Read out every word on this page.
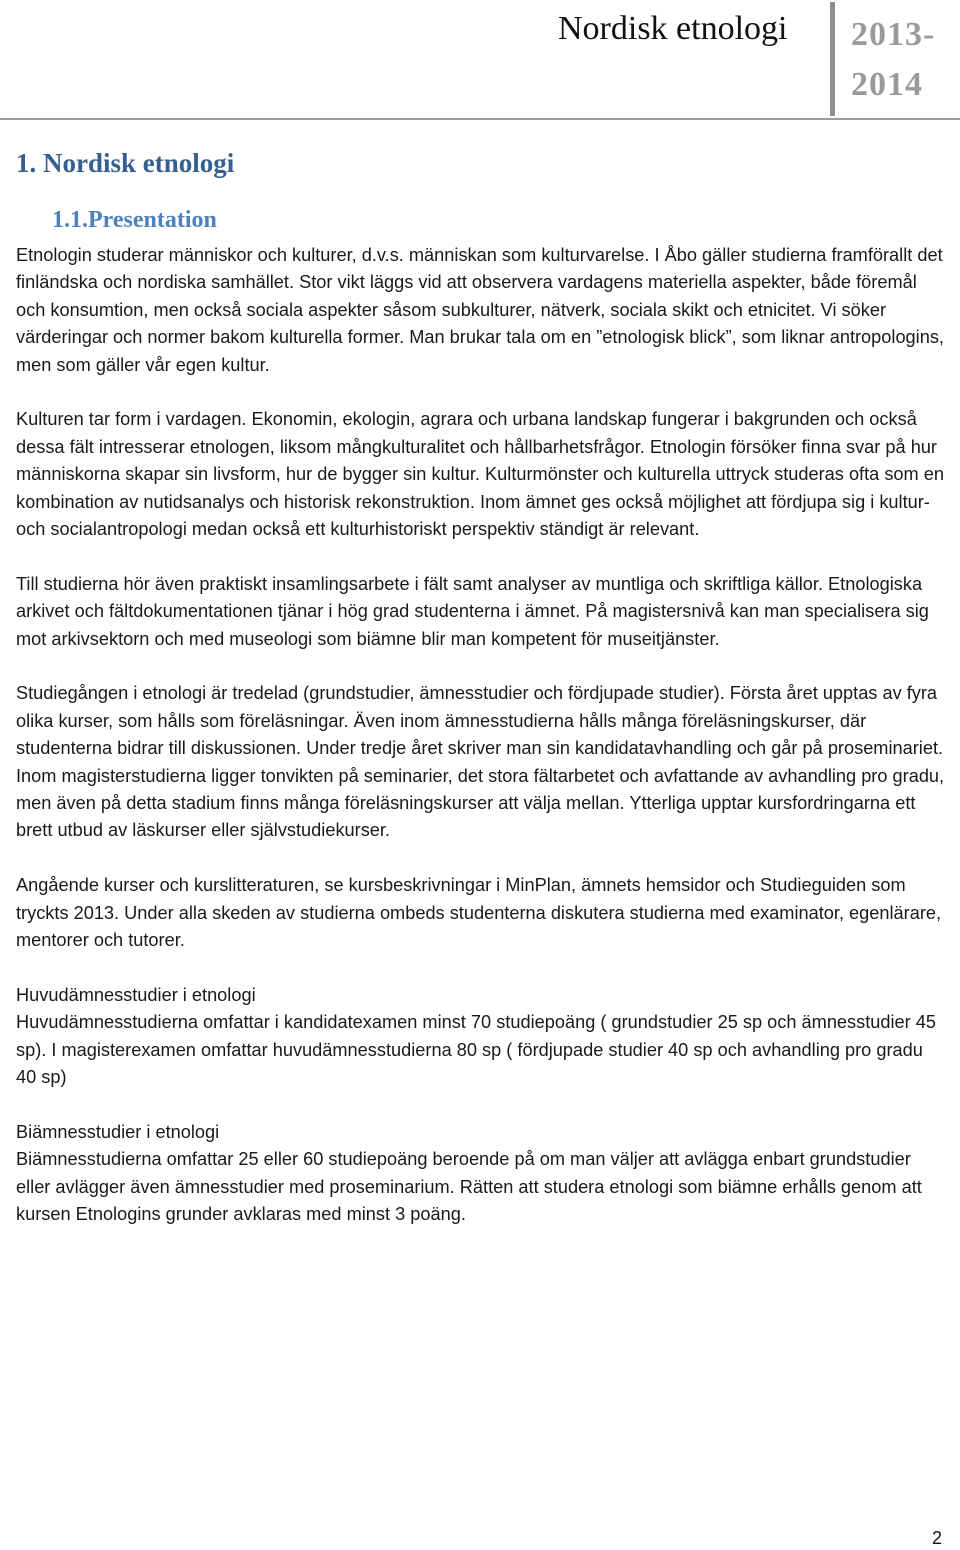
Nordisk etnologi 2013-
2014
1. Nordisk etnologi
1.1.Presentation

Etnologin studerar människor och kulturer, d.v.s. människan som kulturvarelse. I Åbo gäller studierna framförallt det finländska och nordiska samhället. Stor vikt läggs vid att observera vardagens materiella aspekter, både föremål och konsumtion, men också sociala aspekter såsom subkulturer, nätverk, sociala skikt och etnicitet. Vi söker värderingar och normer bakom kulturella former. Man brukar tala om en ”etnologisk blick”, som liknar antropologins, men som gäller vår egen kultur.

Kulturen tar form i vardagen. Ekonomin, ekologin, agrara och urbana landskap fungerar i bakgrunden och också dessa fält intresserar etnologen, liksom mångkulturalitet och hållbarhetsfrågor. Etnologin försöker finna svar på hur människorna skapar sin livsform, hur de bygger sin kultur. Kulturmönster och kulturella uttryck studeras ofta som en kombination av nutidsanalys och historisk rekonstruktion. Inom ämnet ges också möjlighet att fördjupa sig i kultur- och socialantropologi medan också ett kulturhistoriskt perspektiv ständigt är relevant.

Till studierna hör även praktiskt insamlingsarbete i fält samt analyser av muntliga och skriftliga källor. Etnologiska arkivet och fältdokumentationen tjänar i hög grad studenterna i ämnet. På magistersnivå kan man specialisera sig mot arkivsektorn och med museologi som biämne blir man kompetent för museitjänster.

Studiegången i etnologi är tredelad (grundstudier, ämnesstudier och fördjupade studier). Första året upptas av fyra olika kurser, som hålls som föreläsningar. Även inom ämnesstudierna hålls många föreläsningskurser, där studenterna bidrar till diskussionen. Under tredje året skriver man sin kandidatavhandling och går på proseminariet. Inom magisterstudierna ligger tonvikten på seminarier, det stora fältarbetet och avfattande av avhandling pro gradu, men även på detta stadium finns många föreläsningskurser att välja mellan. Ytterliga upptar kursfordringarna ett brett utbud av läskurser eller självstudiekurser.

Angående kurser och kurslitteraturen, se kursbeskrivningar i MinPlan, ämnets hemsidor och Studieguiden som tryckts 2013. Under alla skeden av studierna ombeds studenterna diskutera studierna med examinator, egenlärare, mentorer och tutorer.

Huvudämnesstudier i etnologi

Huvudämnesstudierna omfattar i kandidatexamen minst 70 studiepoäng ( grundstudier 25 sp och ämnesstudier 45 sp). I magisterexamen omfattar huvudämnesstudierna 80 sp ( fördjupade studier 40 sp och avhandling pro gradu 40 sp)

Biämnesstudier i etnologi

Biämnesstudierna omfattar 25 eller 60 studiepoäng beroende på om man väljer att avlägga enbart grundstudier eller avlägger även ämnesstudier med proseminarium. Rätten att studera etnologi som biämne erhålls genom att kursen Etnologins grunder avklaras med minst 3 poäng.

2
